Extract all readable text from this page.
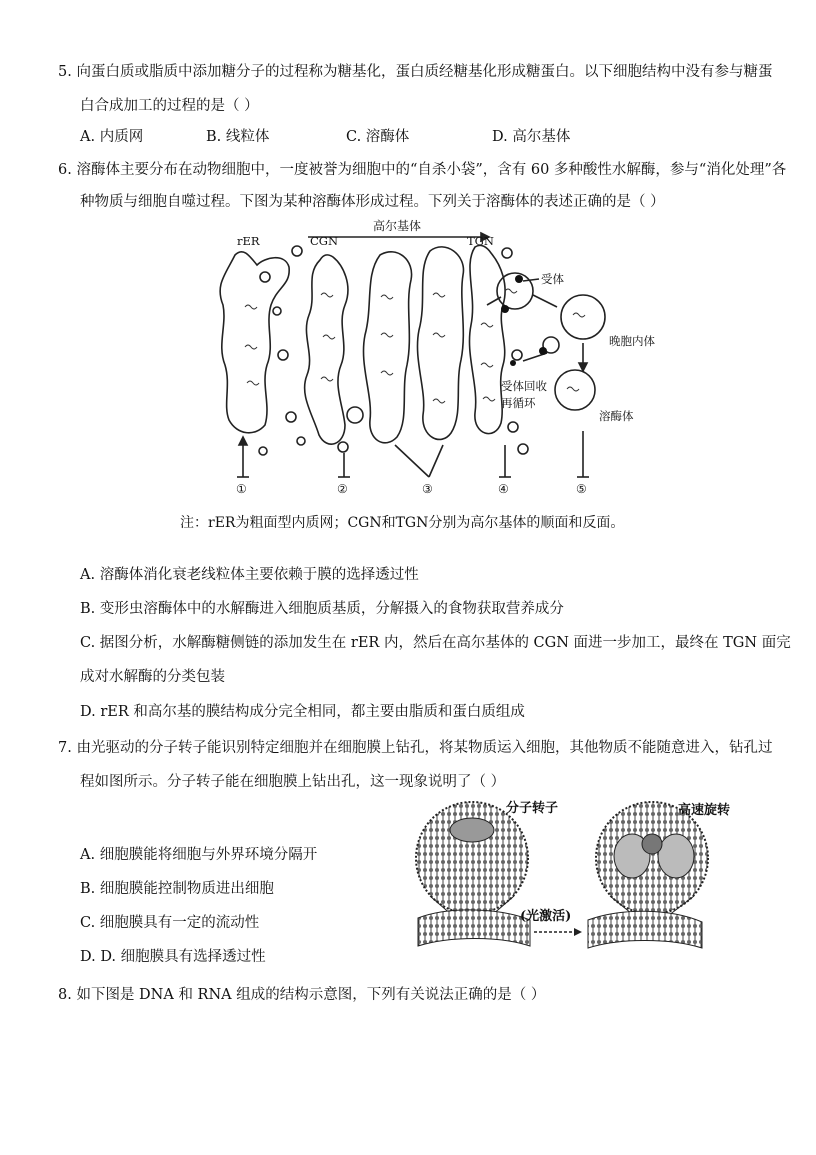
5. 向蛋白质或脂质中添加糖分子的过程称为糖基化，蛋白质经糖基化形成糖蛋白。以下细胞结构中没有参与糖蛋
白合成加工的过程的是（ ）
A. 内质网	B. 线粒体	C. 溶酶体	D. 高尔基体
6. 溶酶体主要分布在动物细胞中，一度被誉为细胞中的“自杀小袋”，含有 60 多种酸性水解酶，参与“消化处理”各
种物质与细胞自噬过程。下图为某种溶酶体形成过程。下列关于溶酶体的表述正确的是（ ）
rER	CGN	TGN
高尔基体
受体
晚胞内体
受体回收
再循环
溶酶体
①	②	③	④	⑤
注：rER为粗面型内质网；CGN和TGN分别为高尔基体的顺面和反面。
A. 溶酶体消化衰老线粒体主要依赖于膜的选择透过性
B. 变形虫溶酶体中的水解酶进入细胞质基质，分解摄入的食物获取营养成分
C. 据图分析，水解酶糖侧链的添加发生在 rER 内，然后在高尔基体的 CGN 面进一步加工，最终在 TGN 面完
成对水解酶的分类包装
D. rER 和高尔基的膜结构成分完全相同，都主要由脂质和蛋白质组成
7. 由光驱动的分子转子能识别特定细胞并在细胞膜上钻孔，将某物质运入细胞，其他物质不能随意进入，钻孔过
程如图所示。分子转子能在细胞膜上钻出孔，这一现象说明了（ ）
A. 细胞膜能将细胞与外界环境分隔开
B. 细胞膜能控制物质进出细胞
C. 细胞膜具有一定的流动性
D. D. 细胞膜具有选择透过性
分子转子	高速旋转
(光激活)
8. 如下图是 DNA 和 RNA 组成的结构示意图，下列有关说法正确的是（ ）
